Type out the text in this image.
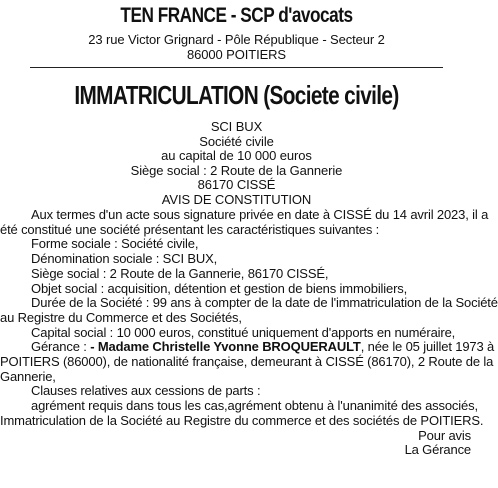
TEN FRANCE - SCP d'avocats
23 rue Victor Grignard - Pôle République - Secteur 2
86000 POITIERS
IMMATRICULATION (Societe civile)
SCI BUX
Société civile
au capital de 10 000 euros
Siège social : 2 Route de la Gannerie
86170 CISSÉ
AVIS DE CONSTITUTION
Aux termes d'un acte sous signature privée en date à CISSÉ du 14 avril 2023, il a
été constitué une société présentant les caractéristiques suivantes :
Forme sociale : Société civile,
Dénomination sociale : SCI BUX,
Siège social : 2 Route de la Gannerie, 86170 CISSÉ,
Objet social : acquisition, détention et gestion de biens immobiliers,
Durée de la Société : 99 ans à compter de la date de l'immatriculation de la Société
au Registre du Commerce et des Sociétés,
Capital social : 10 000 euros, constitué uniquement d'apports en numéraire,
Gérance : - Madame Christelle Yvonne BROQUERAULT, née le 05 juillet 1973 à
POITIERS (86000), de nationalité française, demeurant à CISSÉ (86170), 2 Route de la
Gannerie,
Clauses relatives aux cessions de parts :
agrément requis dans tous les cas,agrément obtenu à l'unanimité des associés,
Immatriculation de la Société au Registre du commerce et des sociétés de POITIERS.
Pour avis
La Gérance
